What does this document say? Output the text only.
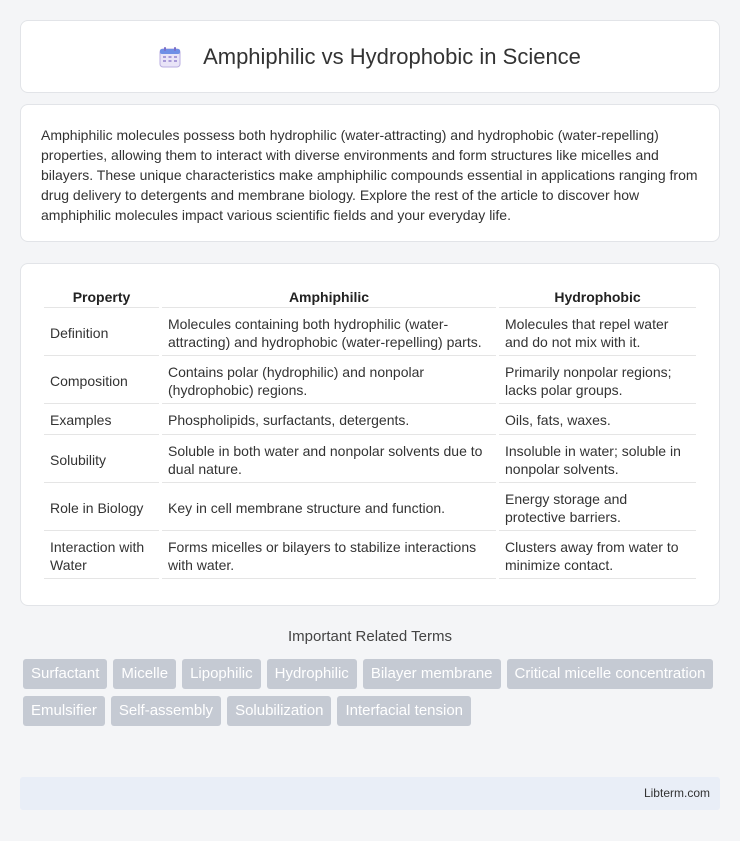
Amphiphilic vs Hydrophobic in Science

Amphiphilic molecules possess both hydrophilic (water-attracting) and hydrophobic (water-repelling) properties, allowing them to interact with diverse environments and form structures like micelles and bilayers. These unique characteristics make amphiphilic compounds essential in applications ranging from drug delivery to detergents and membrane biology. Explore the rest of the article to discover how amphiphilic molecules impact various scientific fields and your everyday life.

Property	Amphiphilic	Hydrophobic
Definition	Molecules containing both hydrophilic (water-attracting) and hydrophobic (water-repelling) parts.	Molecules that repel water and do not mix with it.
Composition	Contains polar (hydrophilic) and nonpolar (hydrophobic) regions.	Primarily nonpolar regions; lacks polar groups.
Examples	Phospholipids, surfactants, detergents.	Oils, fats, waxes.
Solubility	Soluble in both water and nonpolar solvents due to dual nature.	Insoluble in water; soluble in nonpolar solvents.
Role in Biology	Key in cell membrane structure and function.	Energy storage and protective barriers.
Interaction with Water	Forms micelles or bilayers to stabilize interactions with water.	Clusters away from water to minimize contact.
Important Related Terms
Surfactant	Micelle	Lipophilic	Hydrophilic	Bilayer membrane	Critical micelle concentration
Emulsifier	Self-assembly	Solubilization	Interfacial tension
Libterm.com
